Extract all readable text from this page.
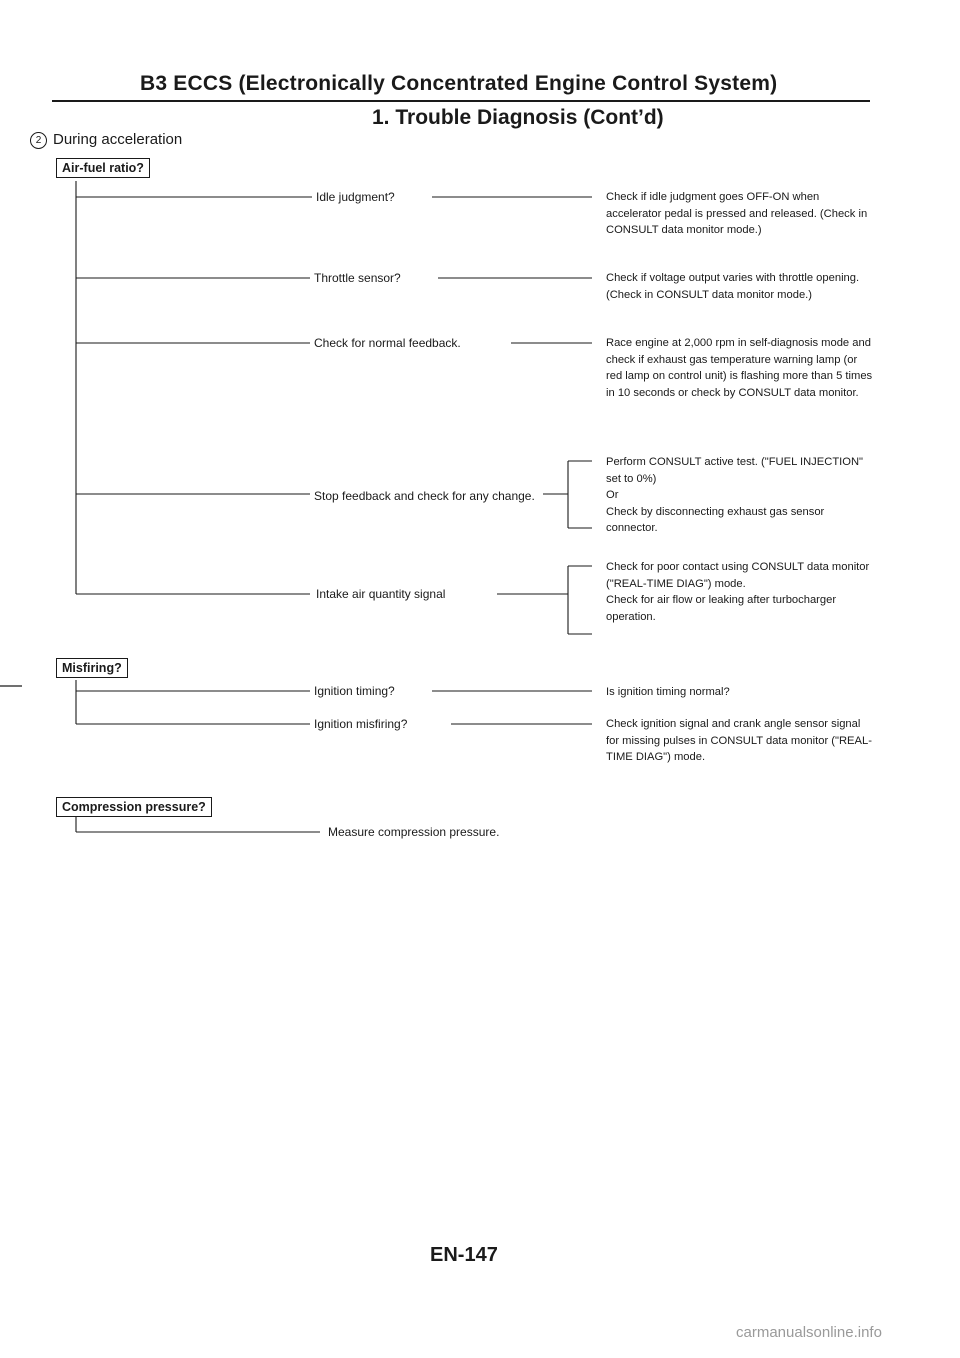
B3 ECCS (Electronically Concentrated Engine Control System)
1. Trouble Diagnosis (Cont’d)
2 During acceleration
Air-fuel ratio?
Misfiring?
Compression pressure?
Idle judgment?
Throttle sensor?
Check for normal feedback.
Stop feedback and check for any change.
Intake air quantity signal
Ignition timing?
Ignition misfiring?
Measure compression pressure.
Check if idle judgment goes OFF-ON when accelerator pedal is pressed and released. (Check in CONSULT data monitor mode.)
Check if voltage output varies with throttle opening. (Check in CONSULT data monitor mode.)
Race engine at 2,000 rpm in self-diagnosis mode and check if exhaust gas temperature warning lamp (or red lamp on control unit) is flashing more than 5 times in 10 seconds or check by CONSULT data monitor.

Perform CONSULT active test. ("FUEL INJECTION" set to 0%)

Or

Check by disconnecting exhaust gas sensor connector.

Check for poor contact using CONSULT data monitor ("REAL-TIME DIAG") mode.

Check for air flow or leaking after turbocharger operation.

Is ignition timing normal?
Check ignition signal and crank angle sensor signal for missing pulses in CONSULT data monitor ("REAL-TIME DIAG") mode.
EN-147
carmanualsonline.info
